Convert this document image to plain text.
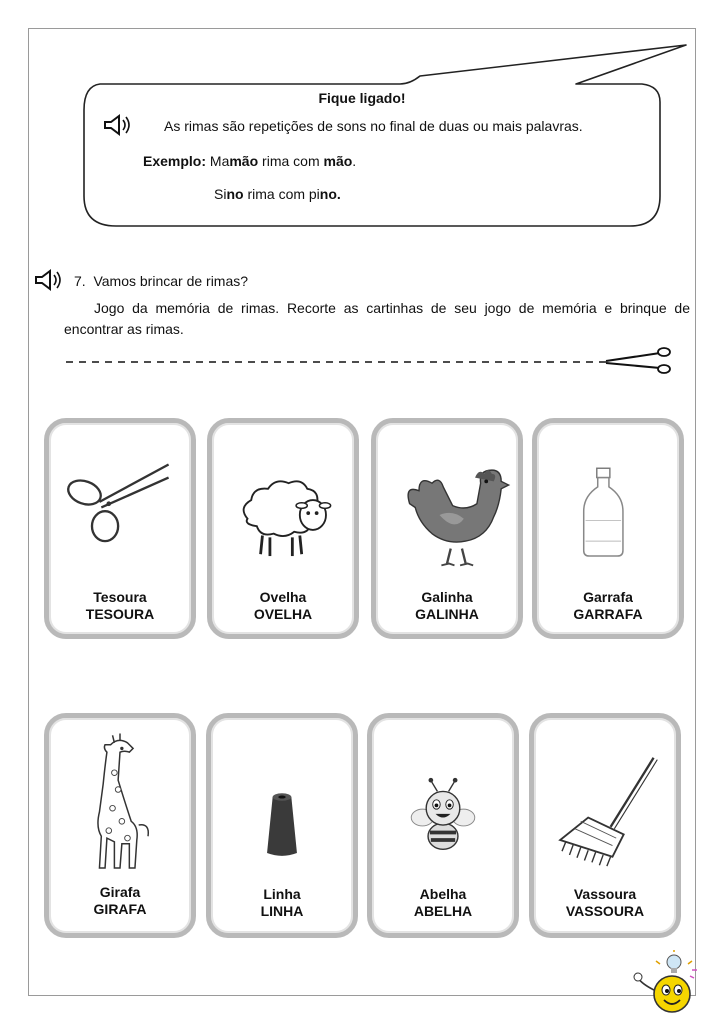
Fique ligado!
As rimas são repetições de sons no final de duas ou mais palavras.
Exemplo: Mamão rima com mão.
Sino rima com pino.
7. Vamos brincar de rimas?
Jogo da memória de rimas. Recorte as cartinhas de seu jogo de memória e brinque de encontrar as rimas.
Tesoura
TESOURA
Ovelha
OVELHA
Galinha
GALINHA
Garrafa
GARRAFA
Girafa
GIRAFA
Linha
LINHA
Abelha
ABELHA
Vassoura
VASSOURA
